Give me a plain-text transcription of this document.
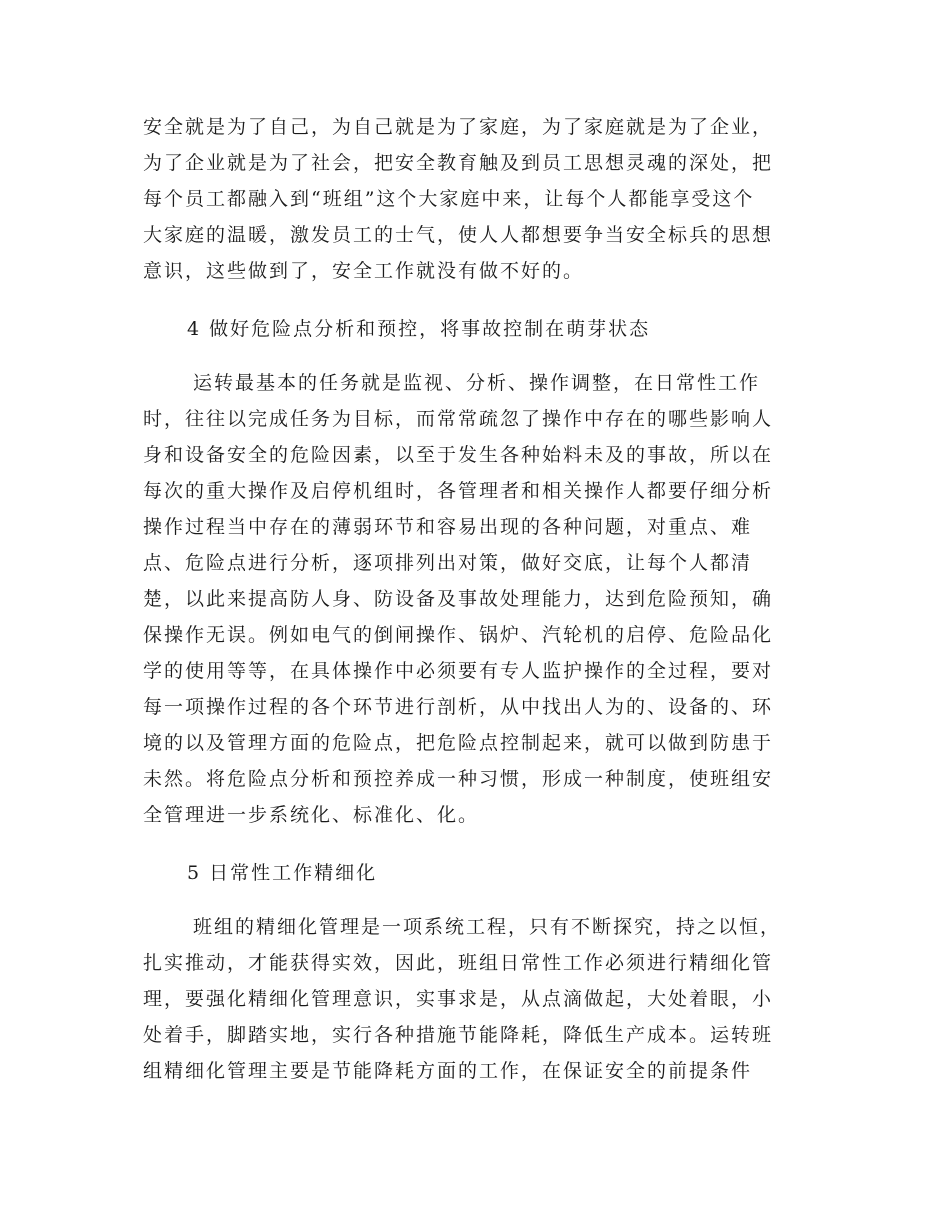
安全就是为了自己，为自己就是为了家庭，为了家庭就是为了企业，
为了企业就是为了社会，把安全教育触及到员工思想灵魂的深处，把
每个员工都融入到“班组”这个大家庭中来，让每个人都能享受这个
大家庭的温暖，激发员工的士气，使人人都想要争当安全标兵的思想
意识，这些做到了，安全工作就没有做不好的。
4 做好危险点分析和预控，将事故控制在萌芽状态
运转最基本的任务就是监视、分析、操作调整，在日常性工作
时，往往以完成任务为目标，而常常疏忽了操作中存在的哪些影响人
身和设备安全的危险因素，以至于发生各种始料未及的事故，所以在
每次的重大操作及启停机组时，各管理者和相关操作人都要仔细分析
操作过程当中存在的薄弱环节和容易出现的各种问题，对重点、难
点、危险点进行分析，逐项排列出对策，做好交底，让每个人都清
楚，以此来提高防人身、防设备及事故处理能力，达到危险预知，确
保操作无误。例如电气的倒闸操作、锅炉、汽轮机的启停、危险品化
学的使用等等，在具体操作中必须要有专人监护操作的全过程，要对
每一项操作过程的各个环节进行剖析，从中找出人为的、设备的、环
境的以及管理方面的危险点，把危险点控制起来，就可以做到防患于
未然。将危险点分析和预控养成一种习惯，形成一种制度，使班组安
全管理进一步系统化、标准化、化。
5 日常性工作精细化
班组的精细化管理是一项系统工程，只有不断探究，持之以恒，
扎实推动，才能获得实效，因此，班组日常性工作必须进行精细化管
理，要强化精细化管理意识，实事求是，从点滴做起，大处着眼，小
处着手，脚踏实地，实行各种措施节能降耗，降低生产成本。运转班
组精细化管理主要是节能降耗方面的工作，在保证安全的前提条件
